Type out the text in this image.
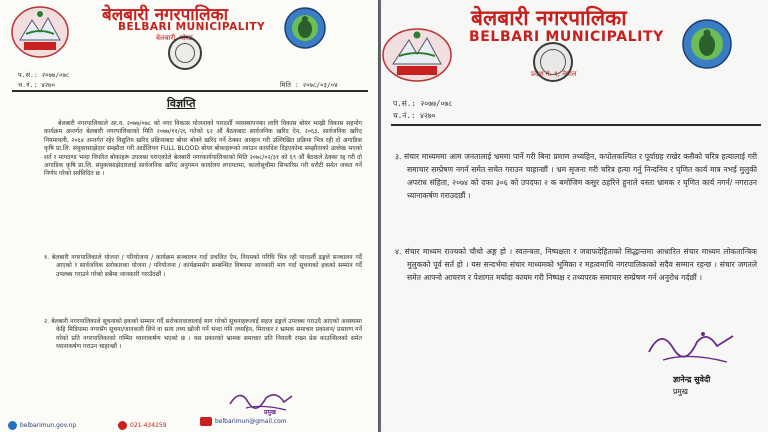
बेलबारी नगरपालिका
BELBARI MUNICIPALITY
बेलबारी, मोरङ
प.सं.: २०७७/०७८
च.नं.: ४२७०	मिति : २०७८/०३/०४
विज्ञप्ति
बेलबारी नगरपालिकाले आ.व. २०७७/०७८ को नगर विकास योजनाको पारदर्शी व्यवस्थापनका लागि विकास बोयर भाख्री विकास सहयोग कार्यक्रम अन्तर्गत बेलबारी नगरपालिकाको मिति २०७७/११/२६ गतेको ६२ औं बैठकबाट सार्वजनिक खरिद ऐन, २०६३, सार्वजनिक खरिद नियमावली, २०६४ अन्तर्गत रहेर विद्युतिय खरिद प्रक्रियाबाट बोयर बोक्ने खरिद गर्ने ठेक्का आव्हान गरी उल्लिखित प्रक्रिया भित्र रही दो अगाडिक कृषि प्रा.लि. संयुक्तसाझेदार सम्झौता गरी आर्डेलियन FULL BLOOD बोयर बोकाहरूको ल्याउन कार्यादेश दिइएकोमा सम्झौताको उल्लेख भएको शर्त र मापदण्ड भन्दा विपरित बोकाहरू उपलब्ध गराएकोले बेलबारी नगरकार्यपालिकाको मिति २०७८/०२/३१ को ६९ औं बैठकले ठेक्का रद्द गरी दो अगाडिक कृषि प्रा.लि. संयुक्तसाझेदारलाई सार्वजनिक खरिद अनुगमन कार्यालय लगायतमा, कालोसूचीमा सिफारिस गरी धरौटी समेत जफत गर्ने निर्णय गरेको सर्वविदित छ ।
१. बेलबारी नगरपालिकाले योजना / परियोजना / कार्यक्रम सञ्चालन गर्दा प्रचलित ऐन, नियमको परिधि भित्र रही पारदर्शी ढङ्गले सञ्चालन गर्दै आएको र सार्वजनिक सरोकारका योजना / परियोजना / कार्यक्रमसँग सम्बन्धित विषयमा जानकारी माग गर्दा सूचनाको हकको सम्मान गर्दै उपलब्ध गराउने गरेको सबैमा जानकारी गराउँदछौं ।
२. बेलबारी नगरपालिकाले सूचनाको हकको सम्मान गर्दै सरोकारवालालाई माग गरेको सूचनाहरूलाई सहज ढङ्गले उपलब्ध गराउदै आएको अवस्थामा केहि मिडियामा नगरसँग सूचना/जानकारी लिने वा सत्य तथ्य खोजी गर्ने भन्दा पनि तथ्यहिन, मिराधार र भ्रामक समाचार प्रकाशन/ प्रसारण गर्ने गरेको प्रति नगरपालिकाको गम्भिर ध्यानाकर्षण भएको छ । यस प्रकारको भ्रामक समाचार प्रति नियाली राख्न प्रेस काउन्सिलको समेत ध्यानाकर्षण गराउन चाहान्छौं ।
प्रमुख
belbarimun.gov.np	021-434259
belbarimun@gmail.com
बेलबारी नगरपालिका
BELBARI MUNICIPALITY
प्रदेश नं. १, नेपाल
प.सं.: २०७७/०७८
च.नं.: ४२७०
३. संचार माध्यममा आम जनतालाई भ्रममा पार्ने गरी बिना प्रमाण तथ्यहिन, कपोलकल्पित र पूर्वाग्रह राखेर कसैको चरित्र हत्यालाई गरी समाचार सम्प्रेषण नगर्न समेत सचेत गराउन चाहान्छौं । भ्रम सृजना गरी चरित्र हत्या गर्नु निन्दनिय र घृणित कार्य मात्र नभई मुलुकी अपराध संहिता, २०७४ को दफा ३०६ को उपदफा २ क बमोजिम कसुर ठहरिने हुनाले यस्ता भ्रामक र घृणित कार्य नगर्न/ नगराउन ध्यानाकर्षण गराउदछौं ।
४. संचार माध्यम राज्यको चौथो अङ्ग हो । स्वतन्त्रता, निष्पक्षता र जवाफदेहिताको सिद्धान्तमा आधारित संचार माध्यम लोकतान्त्रिक मुलुकको पूर्व सर्त हो । यस सन्दर्भमा संचार माध्यमको भूमिका र महत्वमाथि नगरपालिकाको सदैव सम्मान रहन्छ । संचार जगतले समेत आफ्नो आचरण र पेशागत मर्यादा कायम गरी निष्पक्ष र तथ्यपरक समाचार सम्प्रेषण गर्न अनुरोध गर्दछौं ।
ज्ञानेन्द्र सुवेदी
प्रमुख
